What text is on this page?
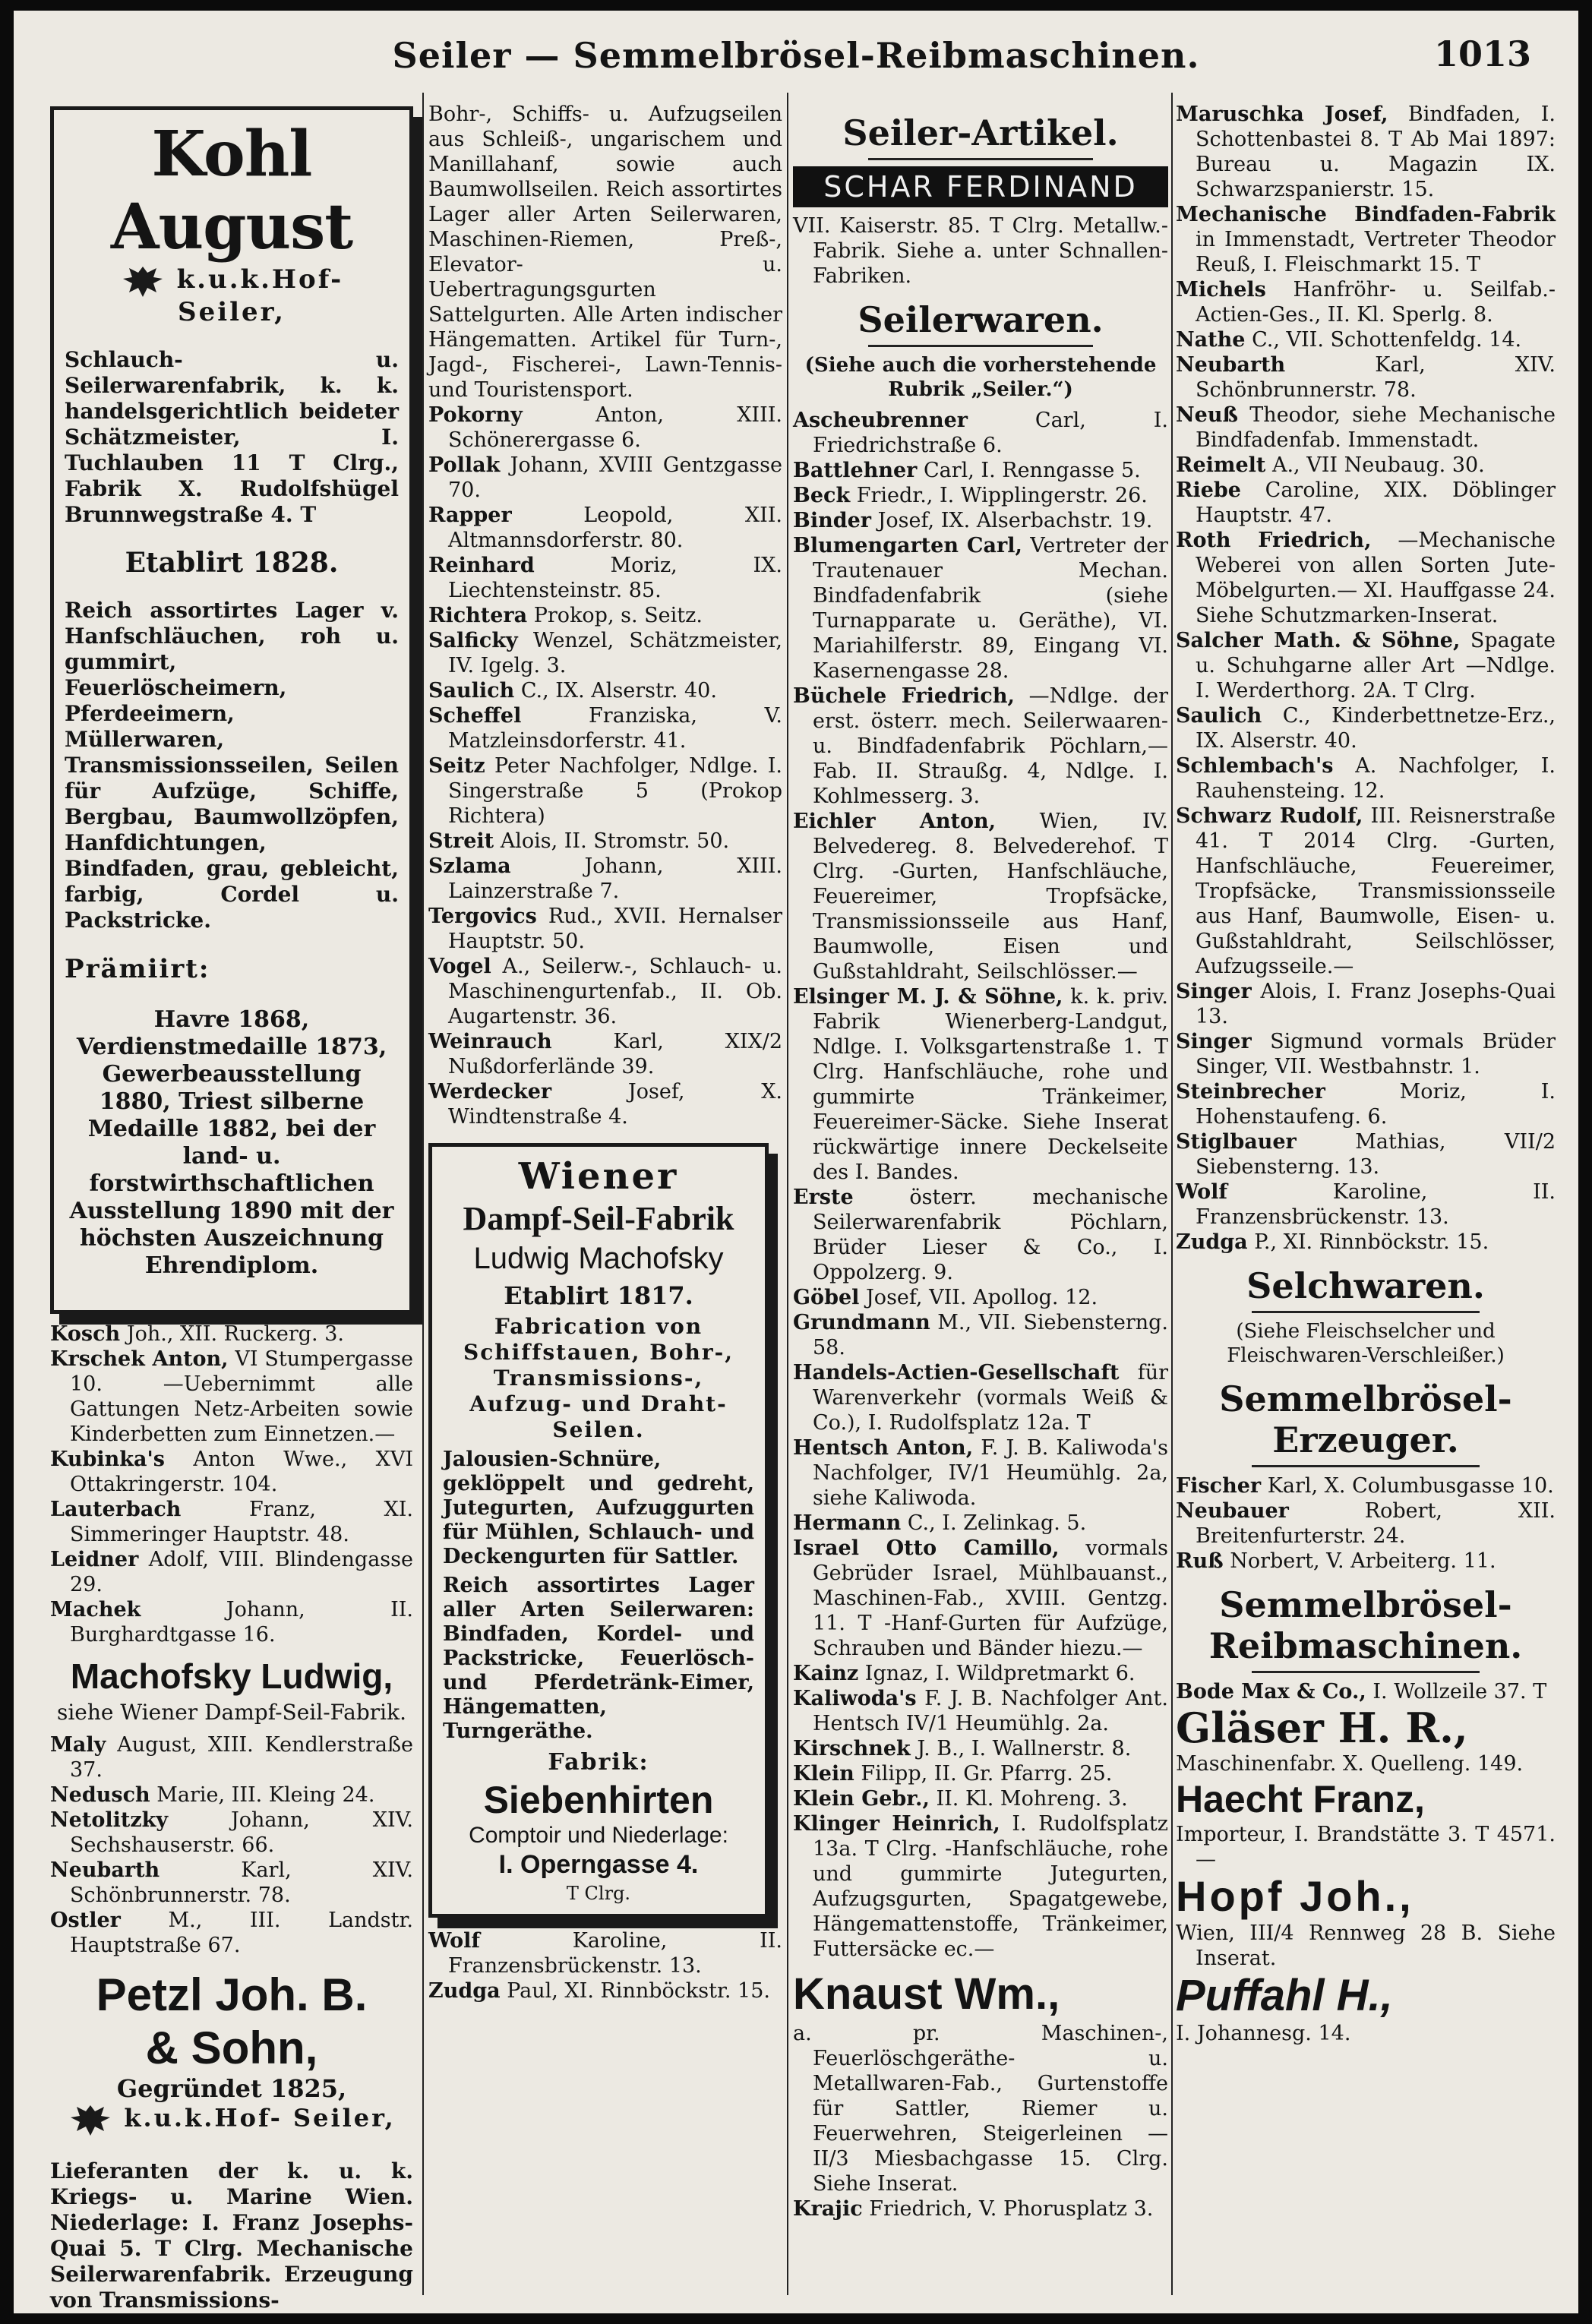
Seiler — Semmelbrösel-Reibmaschinen.	1013
Kohl August
k.u.k.Hof- Seiler,

Schlauch- u. Seilerwarenfabrik, k. k. handelsgerichtlich beideter Schätzmeister, I. Tuchlauben 11 T Clrg., Fabrik X. Rudolfshügel Brunnwegstraße 4. T

Etablirt 1828.

Reich assortirtes Lager v. Hanfschläuchen, roh u. gummirt, Feuerlöscheimern, Pferdeeimern, Müllerwaren, Transmissionsseilen, Seilen für Aufzüge, Schiffe, Bergbau, Baumwollzöpfen, Hanfdichtungen, Bindfaden, grau, gebleicht, farbig, Cordel u. Packstricke.

Prämiirt:

Havre 1868, Verdienstmedaille 1873, Gewerbeausstellung 1880, Triest silberne Medaille 1882, bei der land- u. forstwirthschaftlichen Ausstellung 1890 mit der höchsten Auszeichnung Ehrendiplom.

Kosch Joh., XII. Ruckerg. 3.

Krschek Anton, VI Stumpergasse 10. —Uebernimmt alle Gattungen Netz-Arbeiten sowie Kinderbetten zum Einnetzen.—

Kubinka's Anton Wwe., XVI Ottakringerstr. 104.

Lauterbach	Franz, XI. Simmeringer Hauptstr. 48.

Leidner Adolf, VIII. Blindengasse 29.

Machek	Johann, II. Burghardtgasse 16.

Machofsky Ludwig,
siehe Wiener Dampf-Seil-Fabrik.

Maly August, XIII. Kendlerstraße 37.

Nedusch Marie, III. Kleing 24.

Netolitzky	Johann, XIV. Sechshauserstr. 66.

Neubarth	Karl, XIV. Schönbrunnerstr. 78.

Ostler M., III. Landstr. Hauptstraße 67.

Petzl Joh. B.
& Sohn,
Gegründet 1825,
k.u.k.Hof- Seiler,

Lieferanten der k. u. k. Kriegs- u. Marine Wien. Niederlage: I. Franz Josephs-Quai 5. T Clrg. Mechanische Seilerwarenfabrik. Erzeugung von Transmissions-

Bohr-, Schiffs- u. Aufzugseilen aus Schleiß-, ungarischem und Manillahanf, sowie auch Baumwollseilen. Reich assortirtes Lager aller Arten Seilerwaren, Maschinen-Riemen, Preß-, Elevator- u. Uebertragungsgurten Sattelgurten. Alle Arten indischer Hängematten. Artikel für Turn-, Jagd-, Fischerei-, Lawn-Tennis- und Touristensport.

Pokorny	Anton, XIII. Schönerergasse 6.

Pollak Johann, XVIII Gentzgasse 70.

Rapper	Leopold, XII. Altmannsdorferstr. 80.

Reinhard	Moriz, IX. Liechtensteinstr. 85.

Richtera Prokop, s. Seitz.

Salficky Wenzel, Schätzmeister, IV. Igelg. 3.

Saulich C., IX. Alserstr. 40.

Scheffel	Franziska, V. Matzleinsdorferstr. 41.

Seitz Peter Nachfolger, Ndlge. I. Singerstraße 5 (Prokop Richtera)

Streit Alois, II. Stromstr. 50.

Szlama	Johann, XIII. Lainzerstraße 7.

Tergovics Rud., XVII. Hernalser Hauptstr. 50.

Vogel A., Seilerw.-, Schlauch- u. Maschinengurtenfab., II. Ob. Augartenstr. 36.

Weinrauch	Karl, XIX/2 Nußdorferlände 39.

Werdecker	Josef, X. Windtenstraße 4.

Wiener
Dampf-Seil-Fabrik
Ludwig Machofsky
Etablirt 1817.

Fabrication von Schiffstauen, Bohr-, Transmissions-, Aufzug- und Draht-Seilen.

Jalousien-Schnüre, geklöppelt und gedreht, Jutegurten, Aufzuggurten für Mühlen, Schlauch- und Deckengurten für Sattler.

Reich assortirtes Lager aller Arten Seilerwaren: Bindfaden, Kordel- und Packstricke, Feuerlösch- und Pferdetränk-Eimer, Hängematten, Turngeräthe.

Fabrik:
Siebenhirten
Comptoir und Niederlage:
I. Operngasse 4.
T Clrg.

Wolf	Karoline, II. Franzensbrückenstr. 13.

Zudga Paul, XI. Rinnböckstr. 15.

Seiler-Artikel.
SCHAR FERDINAND

VII. Kaiserstr. 85. T Clrg. Metallw.-Fabrik. Siehe a. unter Schnallen-Fabriken.

Seilerwaren.
(Siehe auch die vorherstehende Rubrik „Seiler.“)

Ascheubrenner	Carl, I. Friedrichstraße 6.

Battlehner Carl, I. Renngasse 5.

Beck Friedr., I. Wipplingerstr. 26.

Binder Josef, IX. Alserbachstr. 19.

Blumengarten Carl, Vertreter der Trautenauer Mechan. Bindfadenfabrik (siehe Turnapparate u. Geräthe), VI. Mariahilferstr. 89, Eingang VI. Kasernengasse 28.

Büchele Friedrich, —Ndlge. der erst. österr. mech. Seilerwaaren- u. Bindfadenfabrik Pöchlarn,— Fab. II. Straußg. 4, Ndlge. I. Kohlmesserg. 3.

Eichler Anton, Wien, IV. Belvedereg. 8. Belvederehof. T Clrg. -Gurten, Hanfschläuche, Feuereimer, Tropfsäcke, Transmissionsseile aus Hanf, Baumwolle, Eisen und Gußstahldraht, Seilschlösser.—

Elsinger M. J. & Söhne, k. k. priv. Fabrik Wienerberg-Landgut, Ndlge. I. Volksgartenstraße 1. T Clrg. Hanfschläuche, rohe und gummirte Tränkeimer, Feuereimer-Säcke. Siehe Inserat rückwärtige innere Deckelseite des I. Bandes.

Erste	österr. mechanische Seilerwarenfabrik Pöchlarn, Brüder Lieser & Co., I. Oppolzerg. 9.

Göbel Josef, VII. Apollog. 12.

Grundmann M., VII. Siebensterng. 58.

Handels-Actien-Gesellschaft für Warenverkehr (vormals Weiß & Co.), I. Rudolfsplatz 12a. T

Hentsch Anton, F. J. B. Kaliwoda's Nachfolger, IV/1 Heumühlg. 2a, siehe Kaliwoda.

Hermann C., I. Zelinkag. 5.

Israel Otto Camillo, vormals Gebrüder Israel, Mühlbauanst., Maschinen-Fab., XVIII. Gentzg. 11. T -Hanf-Gurten für Aufzüge, Schrauben und Bänder hiezu.—

Kainz Ignaz, I. Wildpretmarkt 6.

Kaliwoda's F. J. B. Nachfolger Ant. Hentsch IV/1 Heumühlg. 2a.

Kirschnek J. B., I. Wallnerstr. 8.

Klein Filipp, II. Gr. Pfarrg. 25.

Klein Gebr., II. Kl. Mohreng. 3.

Klinger Heinrich, I. Rudolfsplatz 13a. T Clrg. -Hanfschläuche, rohe und gummirte Jutegurten, Aufzugsgurten, Spagatgewebe, Hängemattenstoffe, Tränkeimer, Futtersäcke ec.—

Knaust Wm.,

a. pr. Maschinen-, Feuerlöschgeräthe- u. Metallwaren-Fab., Gurtenstoffe für Sattler, Riemer u. Feuerwehren, Steigerleinen — II/3 Miesbachgasse 15. Clrg. Siehe Inserat.

Krajic Friedrich, V. Phorusplatz 3.

Maruschka Josef, Bindfaden, I. Schottenbastei 8. T Ab Mai 1897: Bureau u. Magazin IX. Schwarzspanierstr. 15.

Mechanische Bindfaden-Fabrik in Immenstadt, Vertreter Theodor Reuß, I. Fleischmarkt 15. T

Michels Hanfröhr- u. Seilfab.-Actien-Ges., II. Kl. Sperlg. 8.

Nathe C., VII. Schottenfeldg. 14.

Neubarth	Karl, XIV. Schönbrunnerstr. 78.

Neuß Theodor, siehe Mechanische Bindfadenfab. Immenstadt.

Reimelt A., VII Neubaug. 30.

Riebe Caroline, XIX. Döblinger Hauptstr. 47.

Roth Friedrich, —Mechanische Weberei von allen Sorten Jute-Möbelgurten.— XI. Hauffgasse 24. Siehe Schutzmarken-Inserat.

Salcher Math. & Söhne, Spagate u. Schuhgarne aller Art —Ndlge. I. Werderthorg. 2A. T Clrg.

Saulich C., Kinderbettnetze-Erz., IX. Alserstr. 40.

Schlembach's A. Nachfolger, I. Rauhensteing. 12.

Schwarz Rudolf, III. Reisnerstraße 41. T 2014 Clrg. -Gurten, Hanfschläuche, Feuereimer, Tropfsäcke, Transmissionsseile aus Hanf, Baumwolle, Eisen- u. Gußstahldraht, Seilschlösser, Aufzugsseile.—

Singer Alois, I. Franz Josephs-Quai 13.

Singer Sigmund vormals Brüder Singer, VII. Westbahnstr. 1.

Steinbrecher	Moriz, I. Hohenstaufeng. 6.

Stiglbauer	Mathias, VII/2 Siebensterng. 13.

Wolf	Karoline, II. Franzensbrückenstr. 13.

Zudga P., XI. Rinnböckstr. 15.

Selchwaren.
(Siehe Fleischselcher und Fleischwaren-Verschleißer.)
Semmelbrösel-Erzeuger.

Fischer Karl, X. Columbusgasse 10.

Neubauer	Robert, XII. Breitenfurterstr. 24.

Ruß Norbert, V. Arbeiterg. 11.

Semmelbrösel-Reibmaschinen.

Bode Max & Co., I. Wollzeile 37. T

Gläser H. R.,

Maschinenfabr. X. Quelleng. 149.

Haecht Franz,

Importeur, I. Brandstätte 3. T 4571.—

Hopf Joh.,

Wien, III/4 Rennweg 28 B. Siehe Inserat.

Puffahl H.,

I. Johannesg. 14.
